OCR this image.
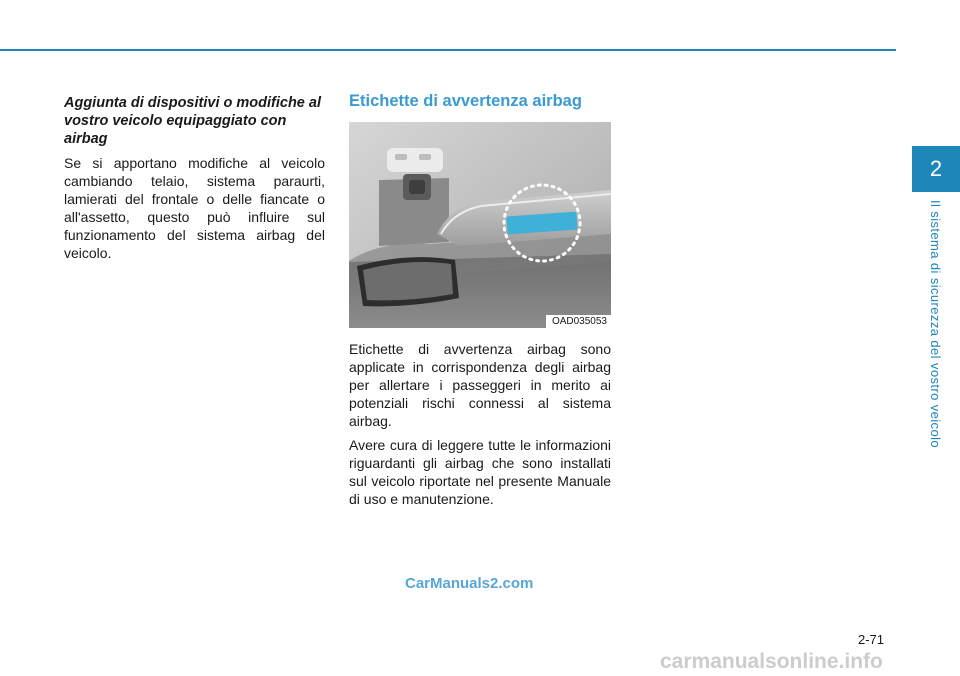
2
Il sistema di sicurezza del vostro veicolo

Aggiunta di dispositivi o modifiche al vostro veicolo equipaggiato con airbag

Se si apportano modifiche al veicolo cambiando telaio, sistema paraurti, lamierati del frontale o delle fiancate o all'assetto, questo può influire sul funzionamento del sistema airbag del veicolo.

Etichette di avvertenza airbag
OAD035053

Etichette di avvertenza airbag sono applicate in corrispondenza degli airbag per allertare i passeggeri in merito ai potenziali rischi connessi al sistema airbag.

Avere cura di leggere tutte le informazioni riguardanti gli airbag che sono installati sul veicolo riportate nel presente Manuale di uso e manutenzione.

CarManuals2.com
2-71
carmanualsonline.info
